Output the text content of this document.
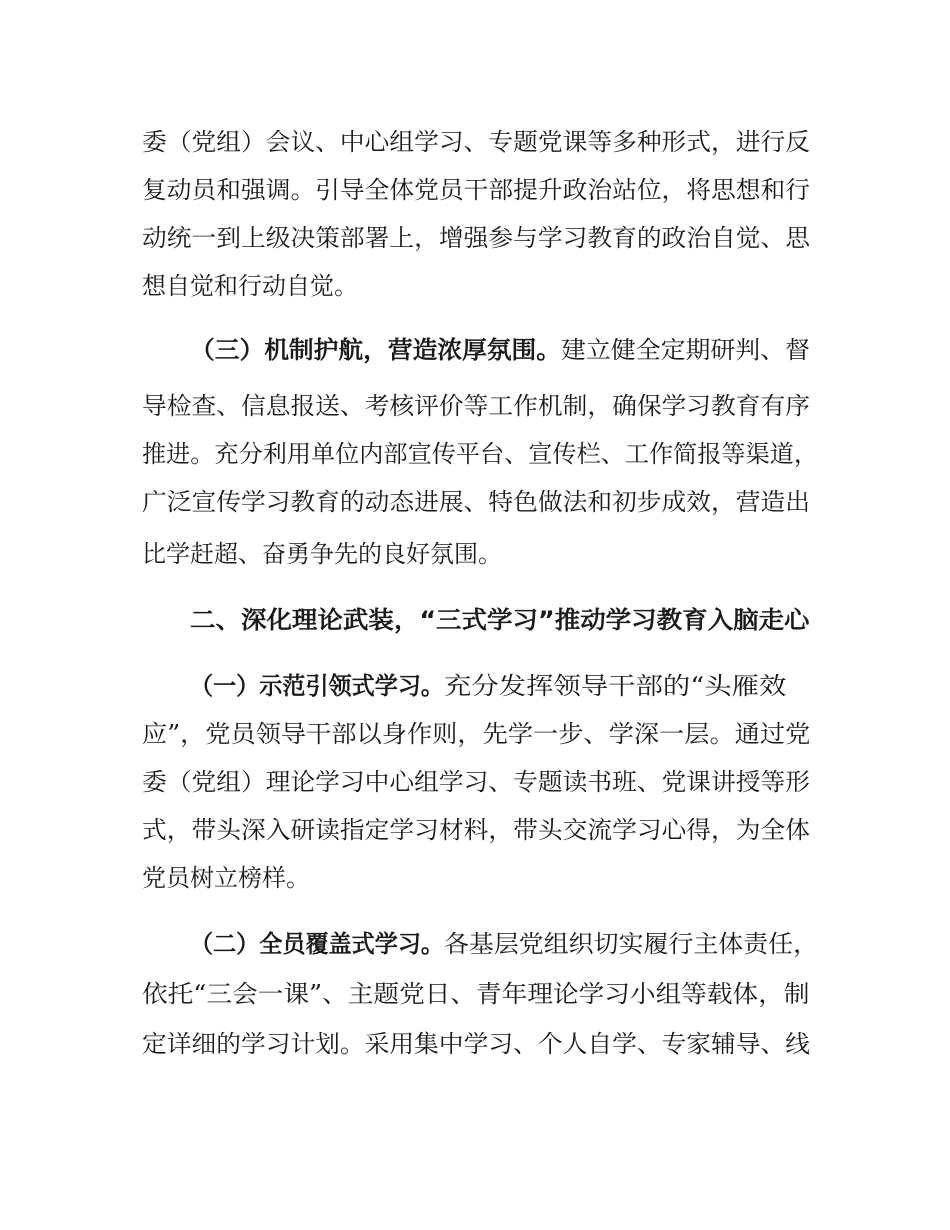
委（党组）会议、中心组学习、专题党课等多种形式，进行反
复动员和强调。引导全体党员干部提升政治站位，将思想和行
动统一到上级决策部署上，增强参与学习教育的政治自觉、思
想自觉和行动自觉。
（三）机制护航，营造浓厚氛围。 建立健全定期研判、督
导检查、信息报送、考核评价等工作机制，确保学习教育有序
推进。充分利用单位内部宣传平台、宣传栏、工作简报等渠道，
广泛宣传学习教育的动态进展、特色做法和初步成效，营造出
比学赶超、奋勇争先的良好氛围。
二、深化理论武装，“三式学习”推动学习教育入脑走心
（一）示范引领式学习。 充分发挥领导干部的“头雁效
应”，党员领导干部以身作则，先学一步、学深一层。通过党
委（党组）理论学习中心组学习、专题读书班、党课讲授等形
式，带头深入研读指定学习材料，带头交流学习心得，为全体
党员树立榜样。
（二）全员覆盖式学习。 各基层党组织切实履行主体责任，
依托“三会一课”、主题党日、青年理论学习小组等载体，制
定详细的学习计划。采用集中学习、个人自学、专家辅导、线
